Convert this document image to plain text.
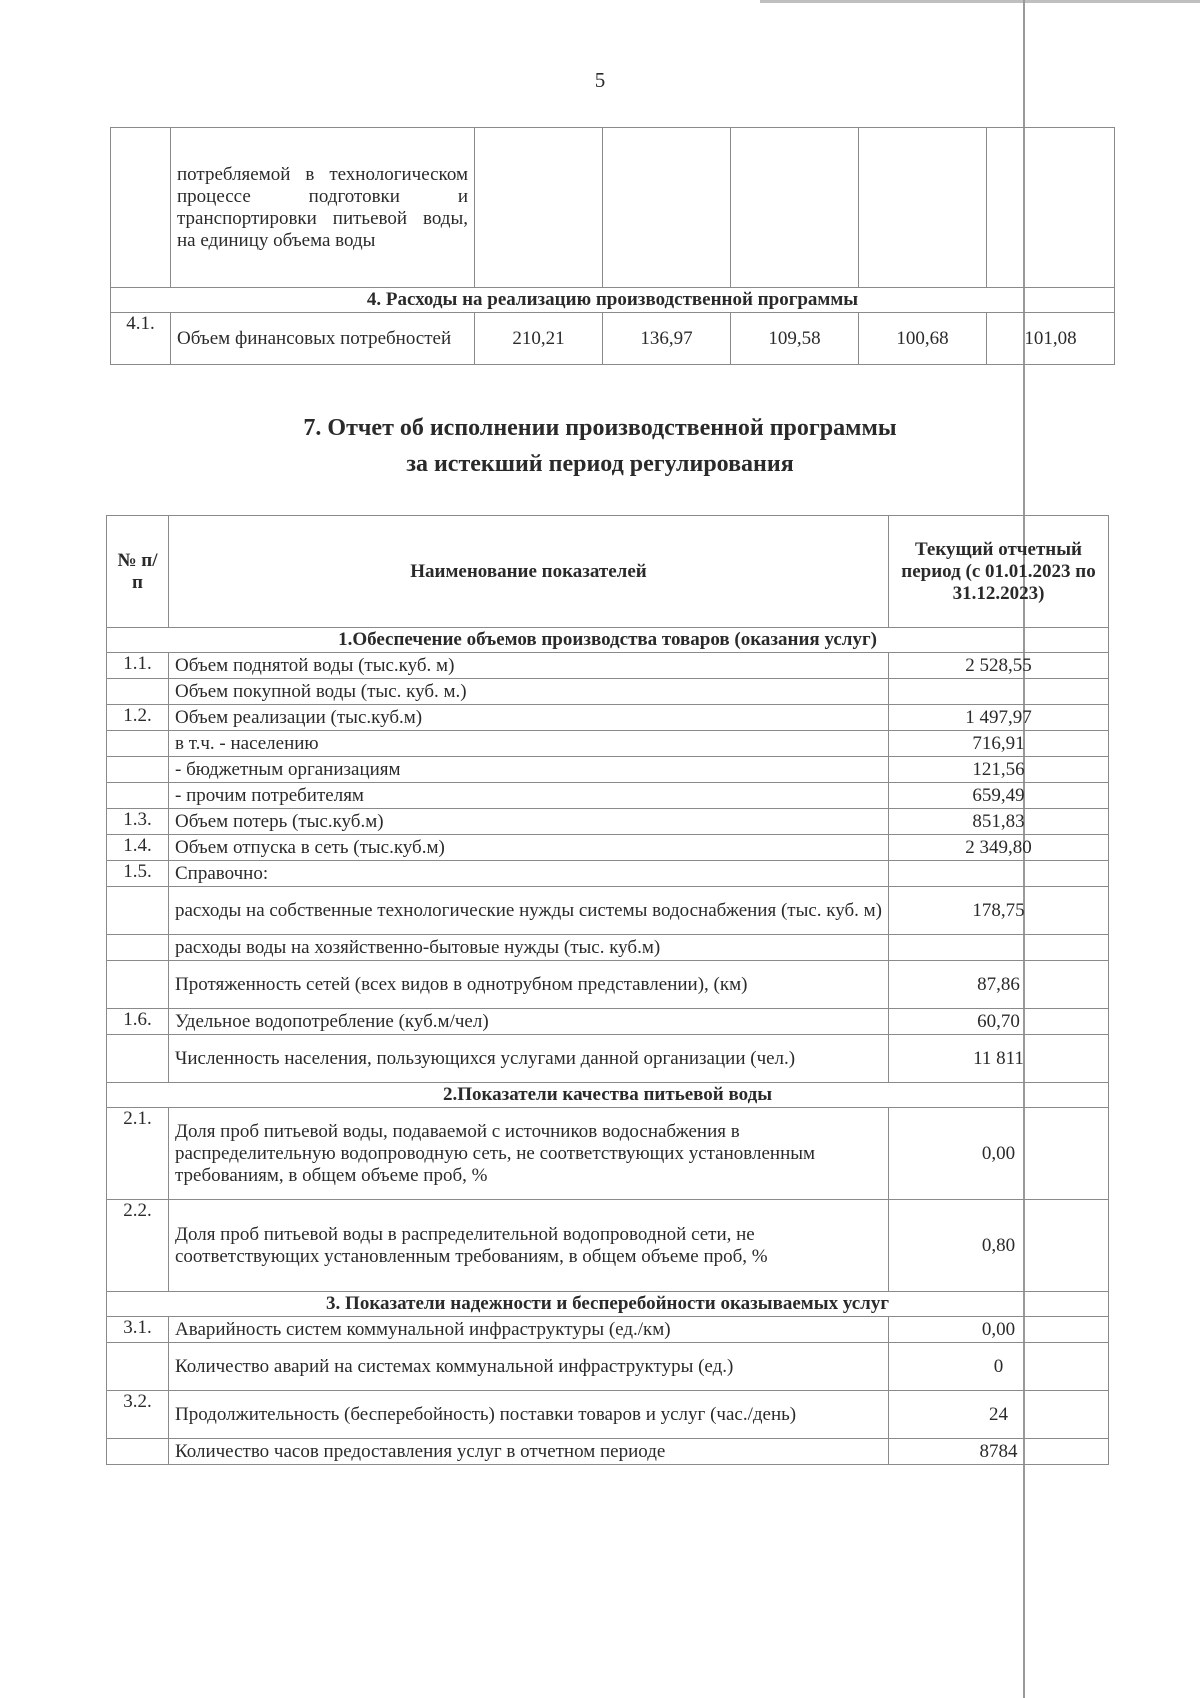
5
	потребляемой в технологическом процессе подготовки и транспортировки питьевой воды, на единицу объема воды					
4. Расходы на реализацию производственной программы						
4.1.	Объем финансовых потребностей	210,21	136,97	109,58	100,68	101,08
7. Отчет об исполнении производственной программы
за истекший период регулирования
№ п/п	Наименование показателей	Текущий отчетный период (с 01.01.2023 по 31.12.2023)
1.Обеспечение объемов производства товаров (оказания услуг)		
1.1.	Объем поднятой воды (тыс.куб. м)	2 528,55
	Объем покупной воды (тыс. куб. м.)	
1.2.	Объем реализации (тыс.куб.м)	1 497,97
	в т.ч. - населению	716,91
	- бюджетным организациям	121,56
	- прочим потребителям	659,49
1.3.	Объем потерь (тыс.куб.м)	851,83
1.4.	Объем отпуска в сеть (тыс.куб.м)	2 349,80
1.5.	Справочно:	
	расходы на собственные технологические нужды системы водоснабжения (тыс. куб. м)	178,75
	расходы воды на хозяйственно-бытовые нужды (тыс. куб.м)	
	Протяженность сетей (всех видов в однотрубном представлении), (км)	87,86
1.6.	Удельное водопотребление (куб.м/чел)	60,70
	Численность населения, пользующихся услугами данной организации (чел.)	11 811
2.Показатели качества питьевой воды		
2.1.	Доля проб питьевой воды, подаваемой с источников водоснабжения в распределительную водопроводную сеть, не соответствующих установленным требованиям, в общем объеме проб, %	0,00
2.2.	Доля проб питьевой воды в распределительной водопроводной сети, не соответствующих установленным требованиям, в общем объеме проб, %	0,80
3. Показатели надежности и бесперебойности оказываемых услуг		
3.1.	Аварийность систем коммунальной инфраструктуры (ед./км)	0,00
	Количество аварий на системах коммунальной инфраструктуры (ед.)	0
3.2.	Продолжительность (бесперебойность) поставки товаров и услуг (час./день)	24
	Количество часов предоставления услуг в отчетном периоде	8784
